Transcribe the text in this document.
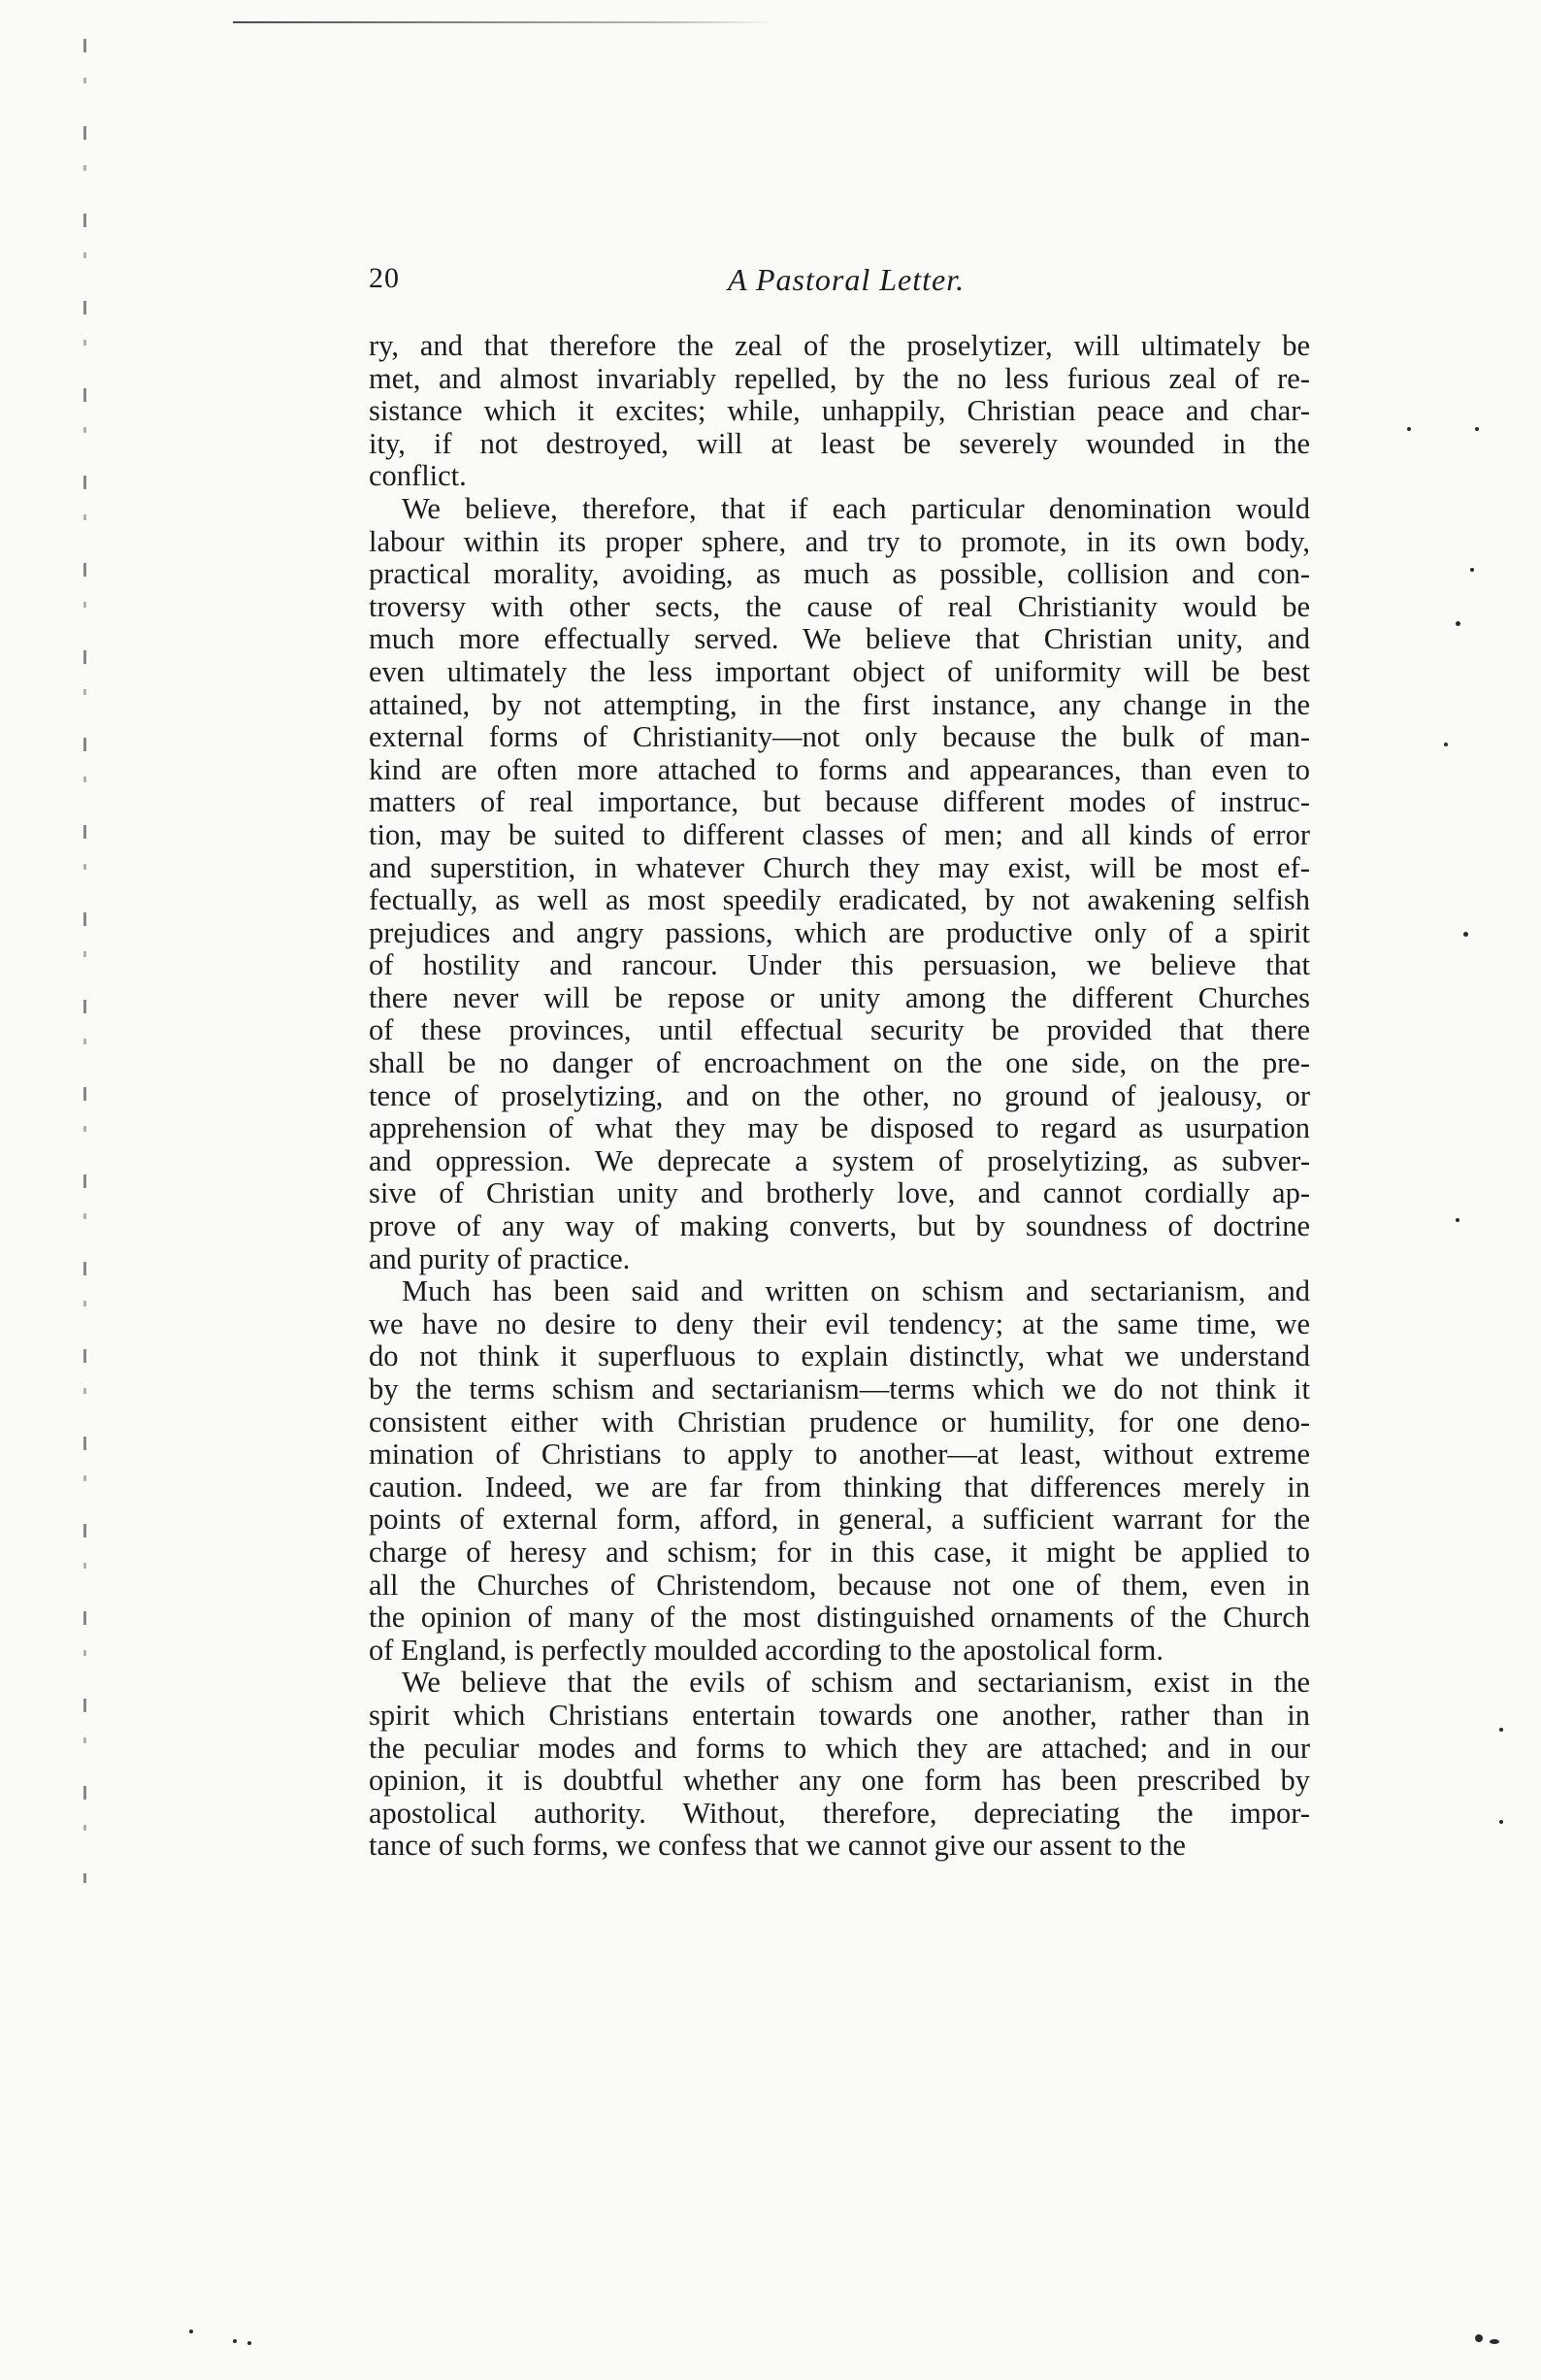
20	A Pastoral Letter.

ry, and that therefore the zeal of the proselytizer, will ultimately be
met, and almost invariably repelled, by the no less furious zeal of re-
sistance which it excites; while, unhappily, Christian peace and char-
ity, if not destroyed, will at least be severely wounded in the
conflict.

We believe, therefore, that if each particular denomination would
labour within its proper sphere, and try to promote, in its own body,
practical morality, avoiding, as much as possible, collision and con-
troversy with other sects, the cause of real Christianity would be
much more effectually served. We believe that Christian unity, and
even ultimately the less important object of uniformity will be best
attained, by not attempting, in the first instance, any change in the
external forms of Christianity—not only because the bulk of man-
kind are often more attached to forms and appearances, than even to
matters of real importance, but because different modes of instruc-
tion, may be suited to different classes of men; and all kinds of error
and superstition, in whatever Church they may exist, will be most ef-
fectually, as well as most speedily eradicated, by not awakening selfish
prejudices and angry passions, which are productive only of a spirit
of hostility and rancour. Under this persuasion, we believe that
there never will be repose or unity among the different Churches
of these provinces, until effectual security be provided that there
shall be no danger of encroachment on the one side, on the pre-
tence of proselytizing, and on the other, no ground of jealousy, or
apprehension of what they may be disposed to regard as usurpation
and oppression. We deprecate a system of proselytizing, as subver-
sive of Christian unity and brotherly love, and cannot cordially ap-
prove of any way of making converts, but by soundness of doctrine
and purity of practice.

Much has been said and written on schism and sectarianism, and
we have no desire to deny their evil tendency; at the same time, we
do not think it superfluous to explain distinctly, what we understand
by the terms schism and sectarianism—terms which we do not think it
consistent either with Christian prudence or humility, for one deno-
mination of Christians to apply to another—at least, without extreme
caution. Indeed, we are far from thinking that differences merely in
points of external form, afford, in general, a sufficient warrant for the
charge of heresy and schism; for in this case, it might be applied to
all the Churches of Christendom, because not one of them, even in
the opinion of many of the most distinguished ornaments of the Church
of England, is perfectly moulded according to the apostolical form.

We believe that the evils of schism and sectarianism, exist in the
spirit which Christians entertain towards one another, rather than in
the peculiar modes and forms to which they are attached; and in our
opinion, it is doubtful whether any one form has been prescribed by
apostolical authority. Without, therefore, depreciating the impor-
tance of such forms, we confess that we cannot give our assent to the
